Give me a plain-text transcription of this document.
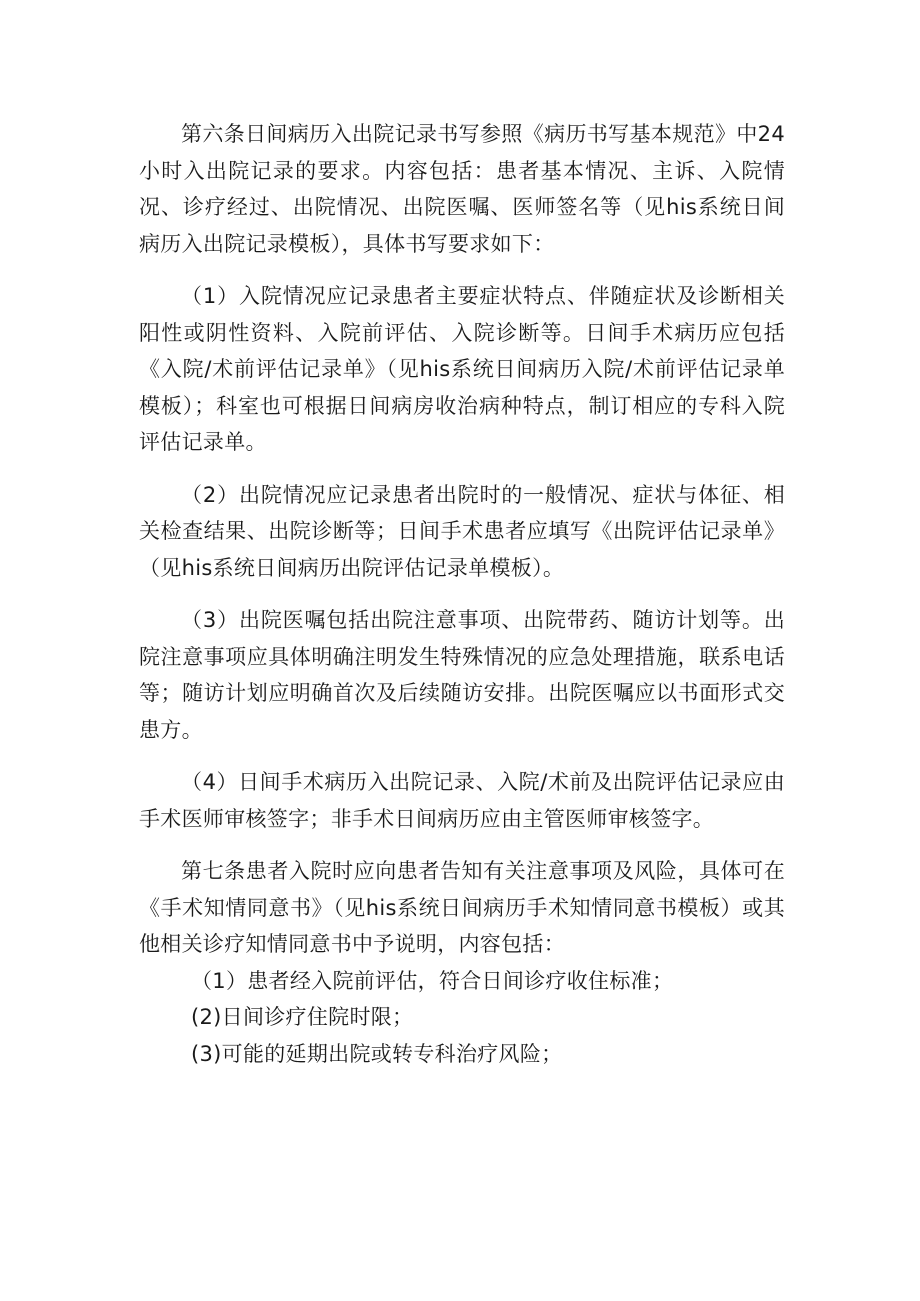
第六条日间病历入出院记录书写参照《病历书写基本规范》中24小时入出院记录的要求。内容包括：患者基本情况、主诉、入院情况、诊疗经过、出院情况、出院医嘱、医师签名等（见his系统日间病历入出院记录模板），具体书写要求如下：

（1）入院情况应记录患者主要症状特点、伴随症状及诊断相关阳性或阴性资料、入院前评估、入院诊断等。日间手术病历应包括《入院/术前评估记录单》（见his系统日间病历入院/术前评估记录单模板）；科室也可根据日间病房收治病种特点，制订相应的专科入院评估记录单。

（2）出院情况应记录患者出院时的一般情况、症状与体征、相关检查结果、出院诊断等；日间手术患者应填写《出院评估记录单》（见his系统日间病历出院评估记录单模板）。

（3）出院医嘱包括出院注意事项、出院带药、随访计划等。出院注意事项应具体明确注明发生特殊情况的应急处理措施，联系电话等；随访计划应明确首次及后续随访安排。出院医嘱应以书面形式交患方。

（4）日间手术病历入出院记录、入院/术前及出院评估记录应由手术医师审核签字；非手术日间病历应由主管医师审核签字。

第七条患者入院时应向患者告知有关注意事项及风险，具体可在《手术知情同意书》（见his系统日间病历手术知情同意书模板）或其他相关诊疗知情同意书中予说明，内容包括：

（1）患者经入院前评估，符合日间诊疗收住标准；

(2)日间诊疗住院时限；

(3)可能的延期出院或转专科治疗风险；
